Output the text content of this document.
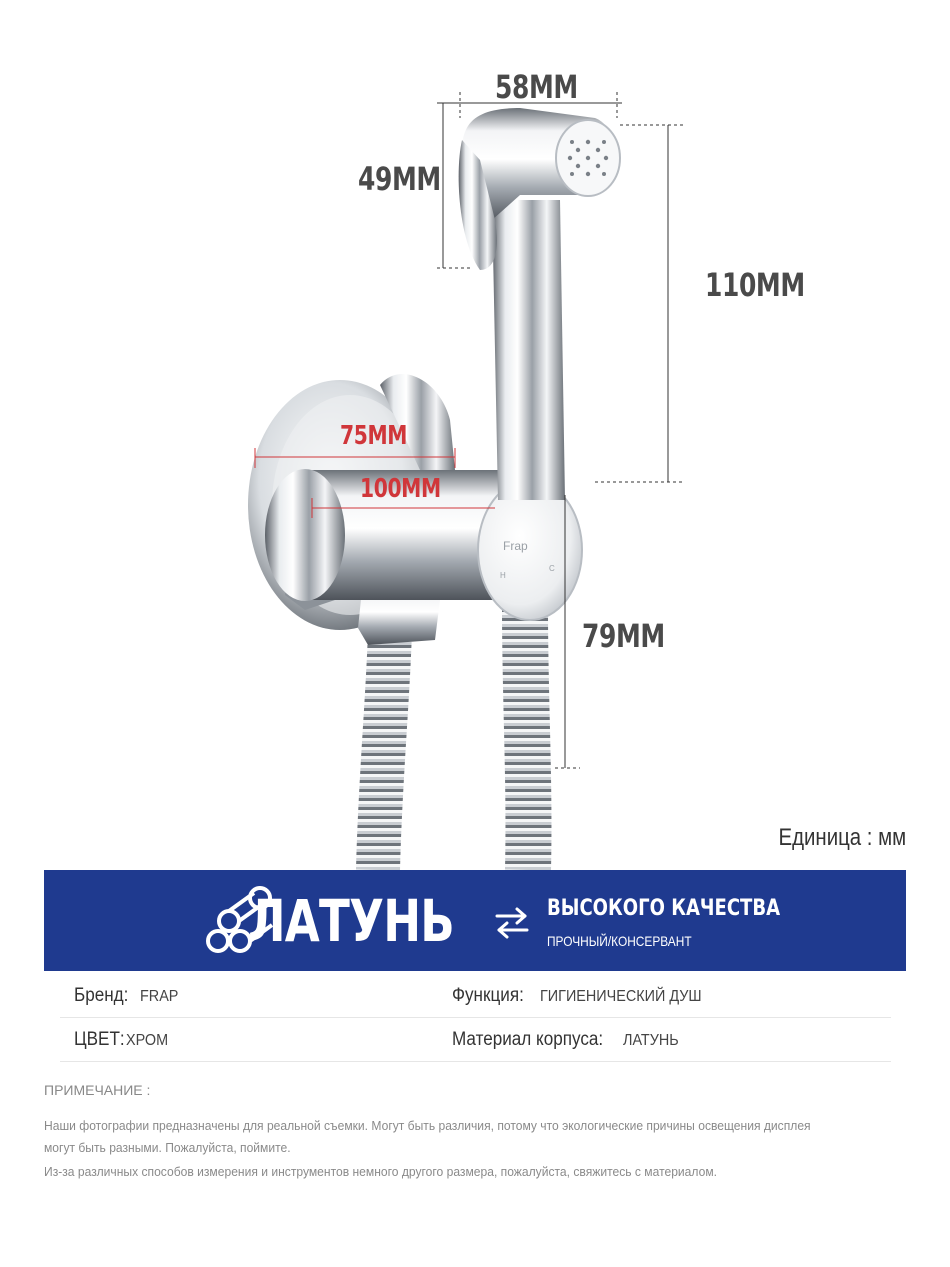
Frap
H
C
58MM
49MM
110MM
75MM
100MM
79MM
Единица : мм
ЛАТУНЬ	ВЫСОКОГО КАЧЕСТВА
ПРОЧНЫЙ/КОНСЕРВАНТ
Бренд: FRAP	Функция: ГИГИЕНИЧЕСКИЙ ДУШ
ЦВЕТ: ХРОМ	Материал корпуса: ЛАТУНЬ
ПРИМЕЧАНИЕ :
Наши фотографии предназначены для реальной съемки. Могут быть различия, потому что экологические причины освещения дисплея могут быть разными. Пожалуйста, поймите.
Из-за различных способов измерения и инструментов немного другого размера, пожалуйста, свяжитесь с материалом.
